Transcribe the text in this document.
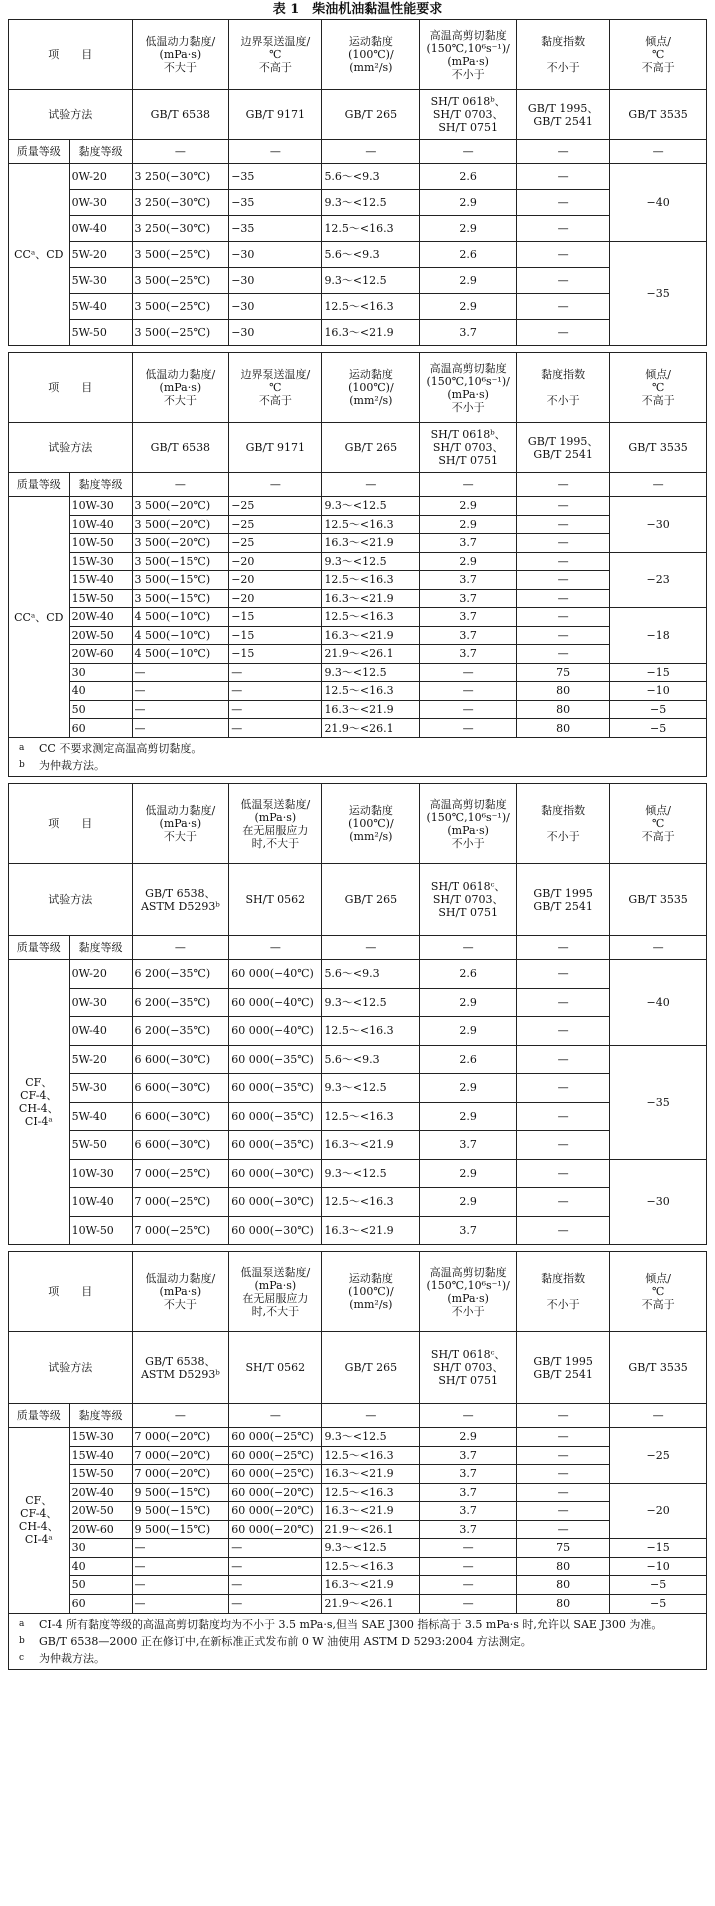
表 1　柴油机油黏温性能要求
项　　目		低温动力黏度/
(mPa·s)
不大于	边界泵送温度/
℃
不高于	运动黏度
(100℃)/
(mm²/s)	高温高剪切黏度
(150℃,10⁶s⁻¹)/
(mPa·s)
不小于	黏度指数

不小于	倾点/
℃
不高于
试验方法		GB/T 6538	GB/T 9171	GB/T 265	SH/T 0618ᵇ、
SH/T 0703、
SH/T 0751	GB/T 1995、
GB/T 2541	GB/T 3535
质量等级	黏度等级	—	—	—	—	—	—
CCᵃ、CD	0W-20	3 250(−30℃)	−35	5.6～<9.3	2.6	—	−40
	0W-30	3 250(−30℃)	−35	9.3～<12.5	2.9	—	
	0W-40	3 250(−30℃)	−35	12.5～<16.3	2.9	—	
	5W-20	3 500(−25℃)	−30	5.6～<9.3	2.6	—	−35
	5W-30	3 500(−25℃)	−30	9.3～<12.5	2.9	—	
	5W-40	3 500(−25℃)	−30	12.5～<16.3	2.9	—	
	5W-50	3 500(−25℃)	−30	16.3～<21.9	3.7	—	
项　　目		低温动力黏度/
(mPa·s)
不大于	边界泵送温度/
℃
不高于	运动黏度
(100℃)/
(mm²/s)	高温高剪切黏度
(150℃,10⁶s⁻¹)/
(mPa·s)
不小于	黏度指数

不小于	倾点/
℃
不高于
试验方法		GB/T 6538	GB/T 9171	GB/T 265	SH/T 0618ᵇ、
SH/T 0703、
SH/T 0751	GB/T 1995、
GB/T 2541	GB/T 3535
质量等级	黏度等级	—	—	—	—	—	—
CCᵃ、CD	10W-30	3 500(−20℃)	−25	9.3～<12.5	2.9	—	−30
	10W-40	3 500(−20℃)	−25	12.5～<16.3	2.9	—	
	10W-50	3 500(−20℃)	−25	16.3～<21.9	3.7	—	
	15W-30	3 500(−15℃)	−20	9.3～<12.5	2.9	—	−23
	15W-40	3 500(−15℃)	−20	12.5～<16.3	3.7	—	
	15W-50	3 500(−15℃)	−20	16.3～<21.9	3.7	—	
	20W-40	4 500(−10℃)	−15	12.5～<16.3	3.7	—	−18
	20W-50	4 500(−10℃)	−15	16.3～<21.9	3.7	—	
	20W-60	4 500(−10℃)	−15	21.9～<26.1	3.7	—	
	30	—	—	9.3～<12.5	—	75	−15
	40	—	—	12.5～<16.3	—	80	−10
	50	—	—	16.3～<21.9	—	80	−5
	60	—	—	21.9～<26.1	—	80	−5
a	CC 不要求测定高温高剪切黏度。
b	为仲裁方法。
项　　目		低温动力黏度/
(mPa·s)
不大于	低温泵送黏度/
(mPa·s)
在无屈服应力
时,不大于	运动黏度
(100℃)/
(mm²/s)	高温高剪切黏度
(150℃,10⁶s⁻¹)/
(mPa·s)
不小于	黏度指数

不小于	倾点/
℃
不高于
试验方法		GB/T 6538、
ASTM D5293ᵇ	SH/T 0562	GB/T 265	SH/T 0618ᶜ、
SH/T 0703、
SH/T 0751	GB/T 1995
GB/T 2541	GB/T 3535
质量等级	黏度等级	—	—	—	—	—	—
CF、
CF-4、
CH-4、
CI-4ᵃ	0W-20	6 200(−35℃)	60 000(−40℃)	5.6～<9.3	2.6	—	−40
	0W-30	6 200(−35℃)	60 000(−40℃)	9.3～<12.5	2.9	—	
	0W-40	6 200(−35℃)	60 000(−40℃)	12.5～<16.3	2.9	—	
	5W-20	6 600(−30℃)	60 000(−35℃)	5.6～<9.3	2.6	—	−35
	5W-30	6 600(−30℃)	60 000(−35℃)	9.3～<12.5	2.9	—	
	5W-40	6 600(−30℃)	60 000(−35℃)	12.5～<16.3	2.9	—	
	5W-50	6 600(−30℃)	60 000(−35℃)	16.3～<21.9	3.7	—	
	10W-30	7 000(−25℃)	60 000(−30℃)	9.3～<12.5	2.9	—	−30
	10W-40	7 000(−25℃)	60 000(−30℃)	12.5～<16.3	2.9	—	
	10W-50	7 000(−25℃)	60 000(−30℃)	16.3～<21.9	3.7	—	
项　　目		低温动力黏度/
(mPa·s)
不大于	低温泵送黏度/
(mPa·s)
在无屈服应力
时,不大于	运动黏度
(100℃)/
(mm²/s)	高温高剪切黏度
(150℃,10⁶s⁻¹)/
(mPa·s)
不小于	黏度指数

不小于	倾点/
℃
不高于
试验方法		GB/T 6538、
ASTM D5293ᵇ	SH/T 0562	GB/T 265	SH/T 0618ᶜ、
SH/T 0703、
SH/T 0751	GB/T 1995
GB/T 2541	GB/T 3535
质量等级	黏度等级	—	—	—	—	—	—
CF、
CF-4、
CH-4、
CI-4ᵃ	15W-30	7 000(−20℃)	60 000(−25℃)	9.3～<12.5	2.9	—	−25
	15W-40	7 000(−20℃)	60 000(−25℃)	12.5～<16.3	3.7	—	
	15W-50	7 000(−20℃)	60 000(−25℃)	16.3～<21.9	3.7	—	
	20W-40	9 500(−15℃)	60 000(−20℃)	12.5～<16.3	3.7	—	−20
	20W-50	9 500(−15℃)	60 000(−20℃)	16.3～<21.9	3.7	—	
	20W-60	9 500(−15℃)	60 000(−20℃)	21.9～<26.1	3.7	—	
	30	—	—	9.3～<12.5	—	75	−15
	40	—	—	12.5～<16.3	—	80	−10
	50	—	—	16.3～<21.9	—	80	−5
	60	—	—	21.9～<26.1	—	80	−5
a	CI-4 所有黏度等级的高温高剪切黏度均为不小于 3.5 mPa·s,但当 SAE J300 指标高于 3.5 mPa·s 时,允许以 SAE J300 为准。
b	GB/T 6538—2000 正在修订中,在新标准正式发布前 0 W 油使用 ASTM D 5293:2004 方法测定。
c	为仲裁方法。
